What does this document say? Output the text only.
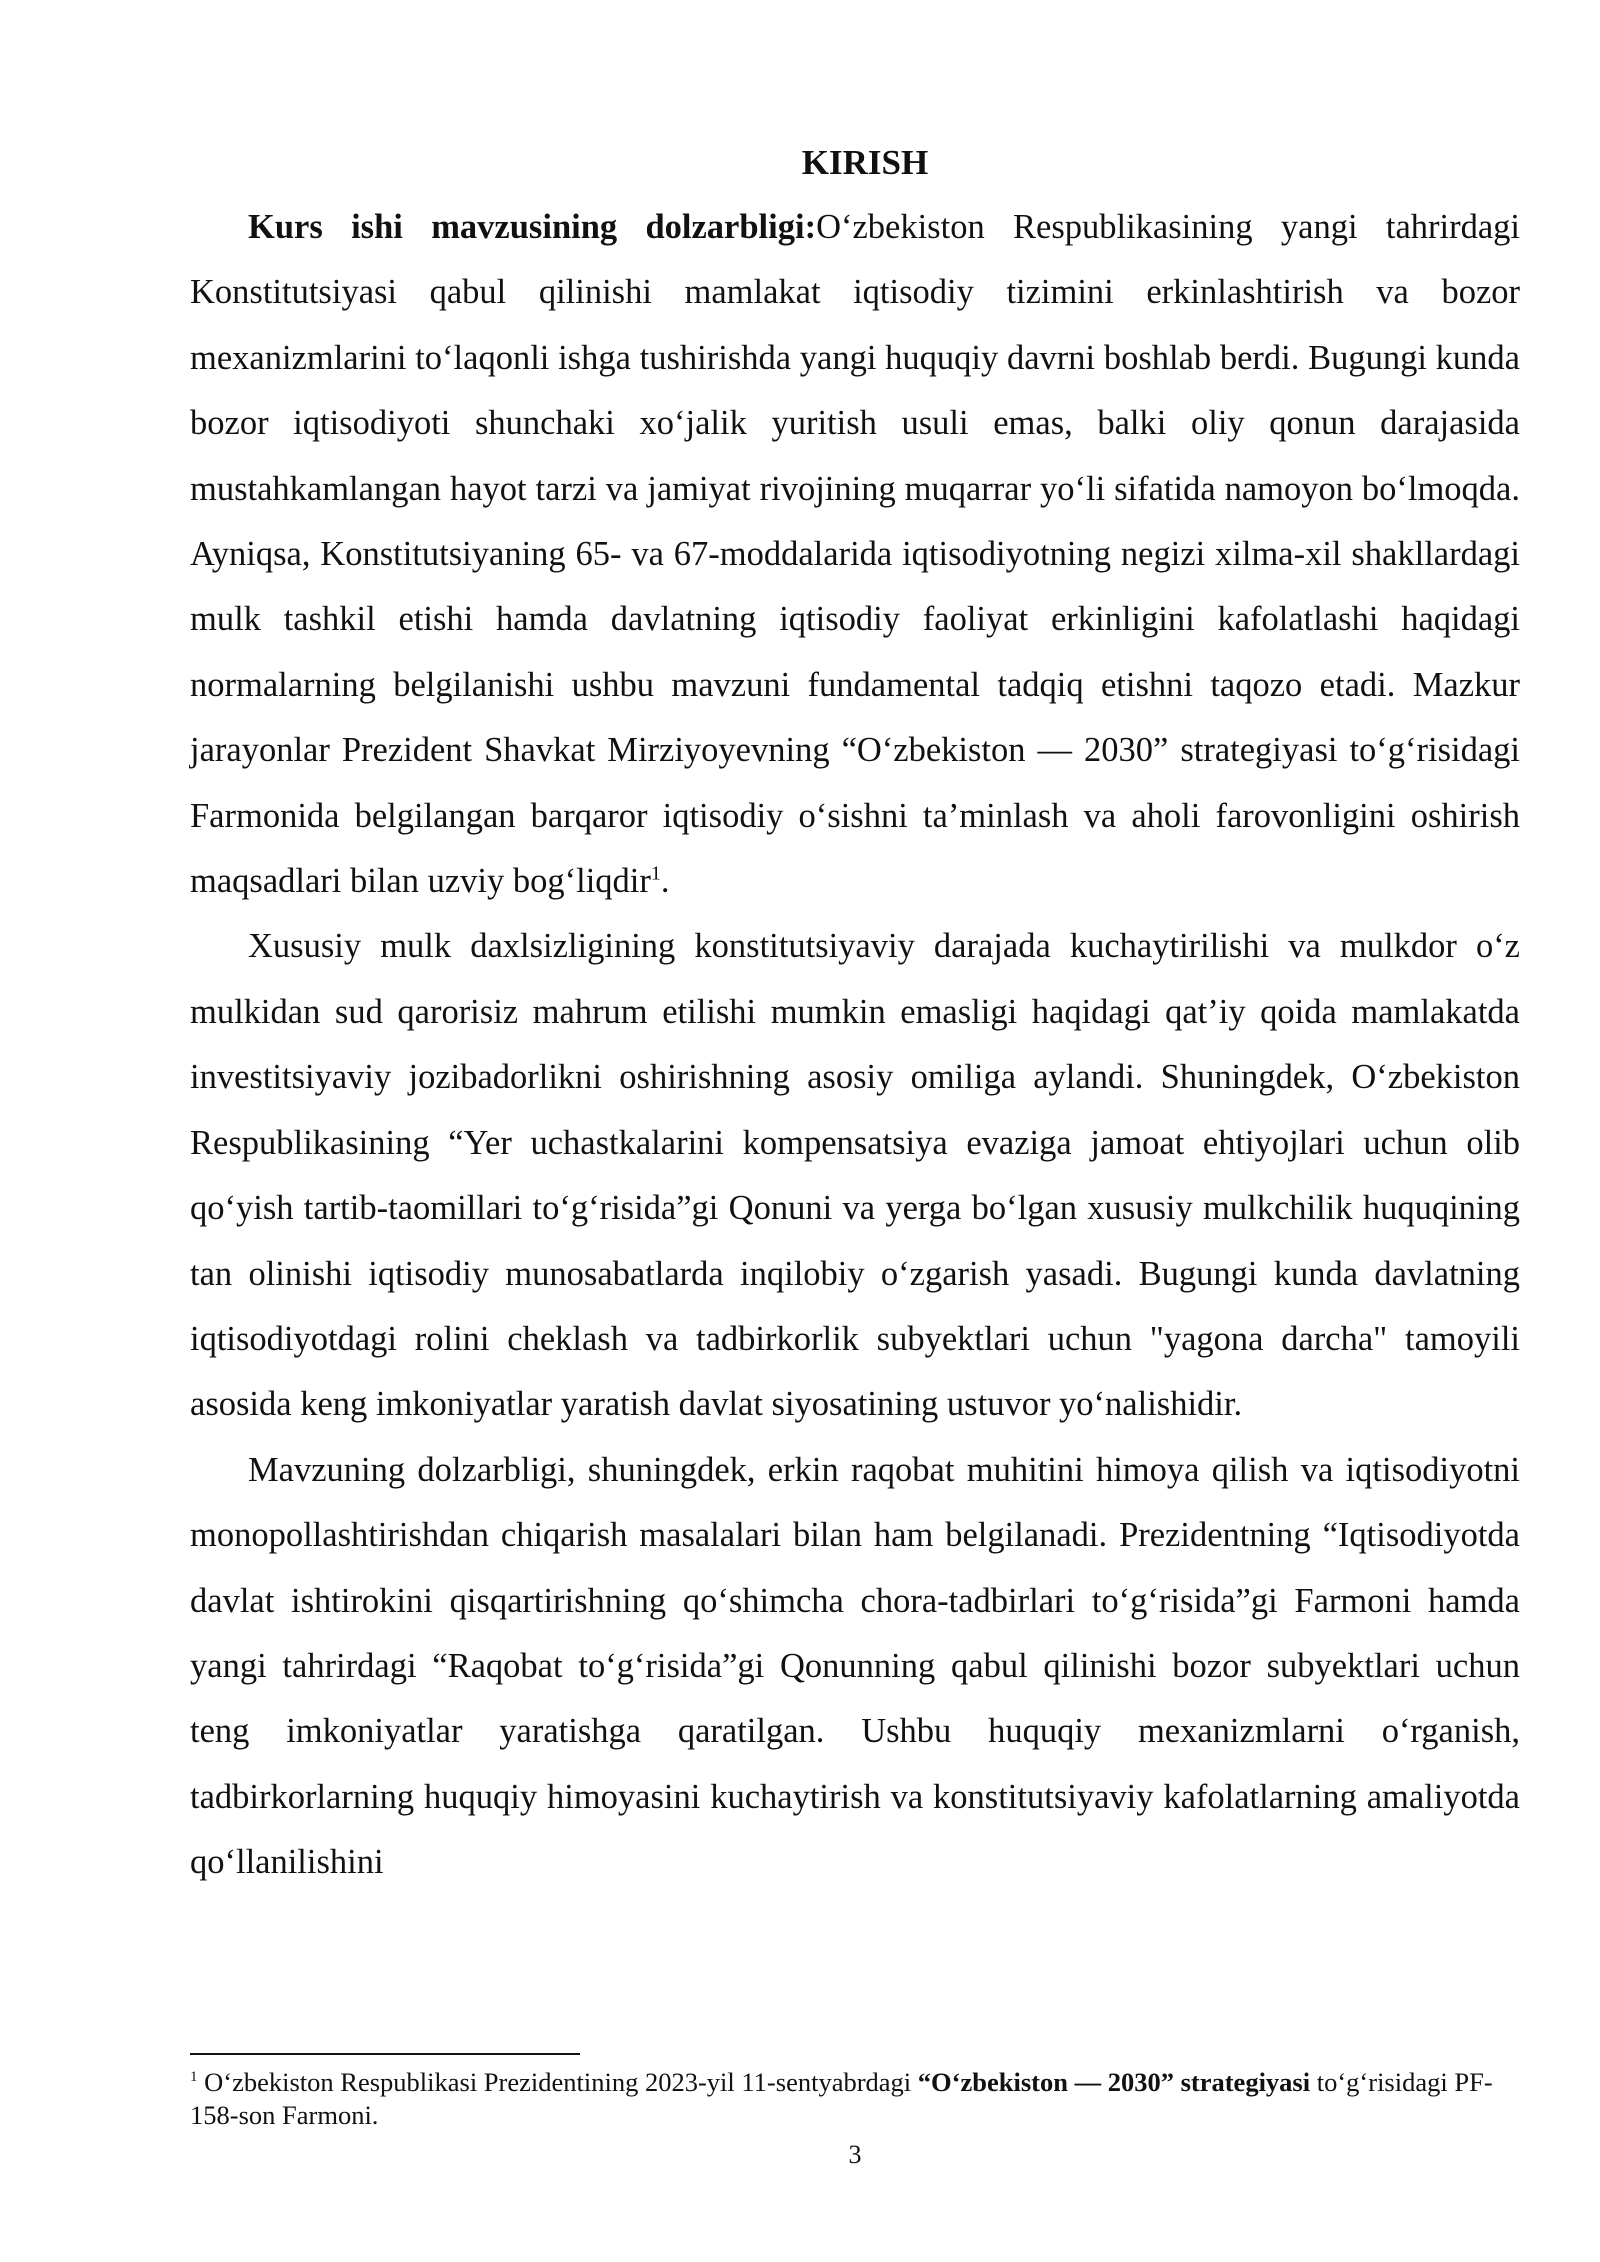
KIRISH

Kurs ishi mavzusining dolzarbligi:O‘zbekiston Respublikasining yangi tahrirdagi Konstitutsiyasi qabul qilinishi mamlakat iqtisodiy tizimini erkinlashtirish va bozor mexanizmlarini to‘laqonli ishga tushirishda yangi huquqiy davrni boshlab berdi. Bugungi kunda bozor iqtisodiyoti shunchaki xo‘jalik yuritish usuli emas, balki oliy qonun darajasida mustahkamlangan hayot tarzi va jamiyat rivojining muqarrar yo‘li sifatida namoyon bo‘lmoqda. Ayniqsa, Konstitutsiyaning 65- va 67-moddalarida iqtisodiyotning negizi xilma-xil shakllardagi mulk tashkil etishi hamda davlatning iqtisodiy faoliyat erkinligini kafolatlashi haqidagi normalarning belgilanishi ushbu mavzuni fundamental tadqiq etishni taqozo etadi. Mazkur jarayonlar Prezident Shavkat Mirziyoyevning “O‘zbekiston — 2030” strategiyasi to‘g‘risidagi Farmonida belgilangan barqaror iqtisodiy o‘sishni ta’minlash va aholi farovonligini oshirish maqsadlari bilan uzviy bog‘liqdir$^1$.

Xususiy mulk daxlsizligining konstitutsiyaviy darajada kuchaytirilishi va mulkdor o‘z mulkidan sud qarorisiz mahrum etilishi mumkin emasligi haqidagi qat’iy qoida mamlakatda investitsiyaviy jozibadorlikni oshirishning asosiy omiliga aylandi. Shuningdek, O‘zbekiston Respublikasining “Yer uchastkalarini kompensatsiya evaziga jamoat ehtiyojlari uchun olib qo‘yish tartib-taomillari to‘g‘risida”gi Qonuni va yerga bo‘lgan xususiy mulkchilik huquqining tan olinishi iqtisodiy munosabatlarda inqilobiy o‘zgarish yasadi. Bugungi kunda davlatning iqtisodiyotdagi rolini cheklash va tadbirkorlik subyektlari uchun "yagona darcha" tamoyili asosida keng imkoniyatlar yaratish davlat siyosatining ustuvor yo‘nalishidir.

Mavzuning dolzarbligi, shuningdek, erkin raqobat muhitini himoya qilish va iqtisodiyotni monopollashtirishdan chiqarish masalalari bilan ham belgilanadi. Prezidentning “Iqtisodiyotda davlat ishtirokini qisqartirishning qo‘shimcha chora-tadbirlari to‘g‘risida”gi Farmoni hamda yangi tahrirdagi “Raqobat to‘g‘risida”gi Qonunning qabul qilinishi bozor subyektlari uchun teng imkoniyatlar yaratishga qaratilgan. Ushbu huquqiy mexanizmlarni o‘rganish, tadbirkorlarning huquqiy himoyasini kuchaytirish va konstitutsiyaviy kafolatlarning amaliyotda qo‘llanilishini

$^1$ O‘zbekiston Respublikasi Prezidentining 2023-yil 11-sentyabrdagi “O‘zbekiston — 2030” strategiyasi to‘g‘risidagi PF-158-son Farmoni.

3
